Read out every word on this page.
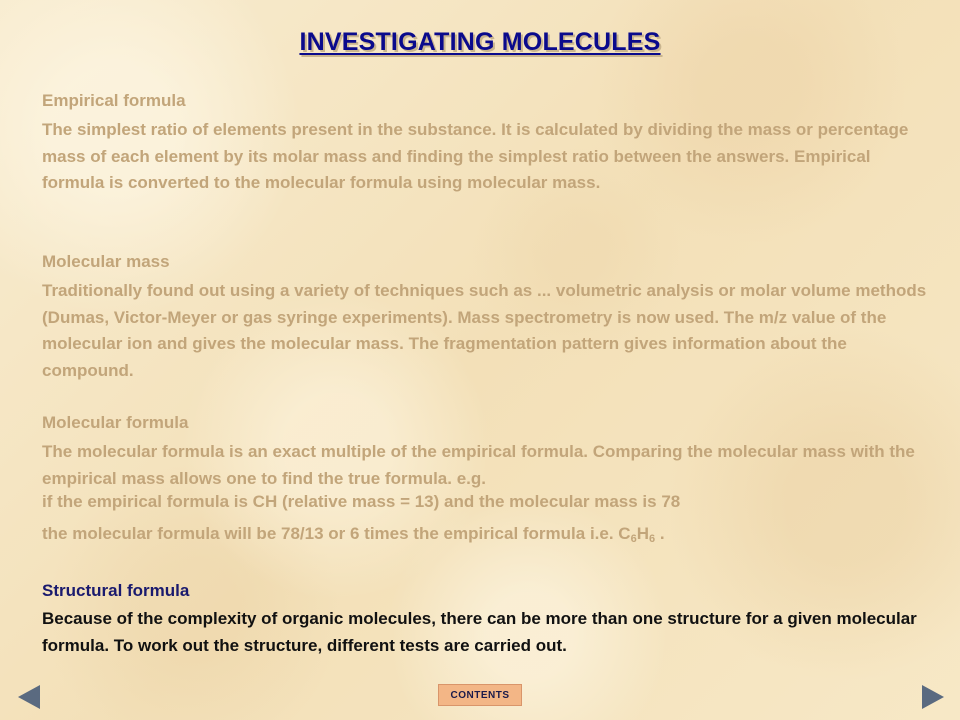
INVESTIGATING MOLECULES
Empirical formula

The simplest ratio of elements present in the substance. It is calculated by dividing the mass or percentage mass of each element by its molar mass and finding the simplest ratio between the answers. Empirical formula is converted to the molecular formula using molecular mass.

Molecular mass

Traditionally found out using a variety of techniques such as ... volumetric analysis or molar volume methods (Dumas, Victor-Meyer or gas syringe experiments). Mass spectrometry is now used. The m/z value of the molecular ion and gives the molecular mass. The fragmentation pattern gives information about the compound.

Molecular formula

The molecular formula is an exact multiple of the empirical formula. Comparing the molecular mass with the empirical mass allows one to find the true formula. e.g.

if the empirical formula is CH (relative mass = 13) and the molecular mass is 78
the molecular formula will be 78/13 or 6 times the empirical formula i.e. $C_6H_6$ .
Structural formula

Because of the complexity of organic molecules, there can be more than one structure for a given molecular formula. To work out the structure, different tests are carried out.

CONTENTS
